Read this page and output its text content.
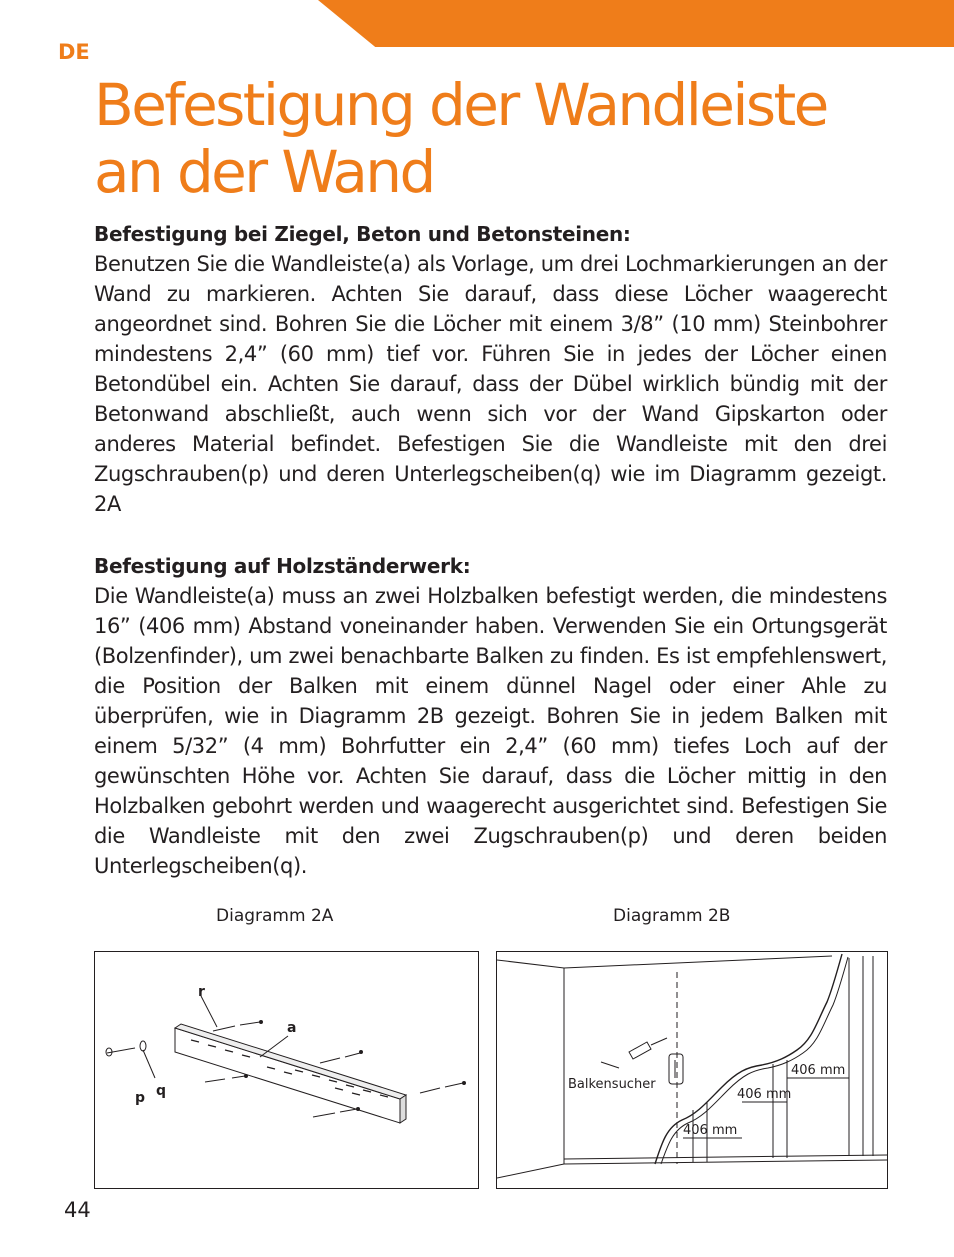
DE
Befestigung der Wandleiste
an der Wand
Befestigung bei Ziegel, Beton und Betonsteinen:

Benutzen Sie die Wandleiste(a) als Vorlage, um drei Lochmarkierungen an der Wand zu markieren. Achten Sie darauf, dass diese Löcher waagerecht angeordnet sind. Bohren Sie die Löcher mit einem 3/8” (10 mm) Steinbohrer mindestens 2,4” (60 mm) tief vor. Führen Sie in jedes der Löcher einen Betondübel ein. Achten Sie darauf, dass der Dübel wirklich bündig mit der Betonwand abschließt, auch wenn sich vor der Wand Gipskarton oder anderes Material befindet. Befestigen Sie die Wandleiste mit den drei Zugschrauben(p) und deren Unterlegscheiben(q) wie im Diagramm gezeigt. 2A

Befestigung auf Holzständerwerk:

Die Wandleiste(a) muss an zwei Holzbalken befestigt werden, die mindestens 16” (406 mm) Abstand voneinander haben. Verwenden Sie ein Ortungsgerät (Bolzenfinder), um zwei benachbarte Balken zu finden. Es ist empfehlenswert, die Position der Balken mit einem dünnel Nagel oder einer Ahle zu überprüfen, wie in Diagramm 2B gezeigt. Bohren Sie in jedem Balken mit einem 5/32” (4 mm) Bohrfutter ein 2,4” (60 mm) tiefes Loch auf der gewünschten Höhe vor. Achten Sie darauf, dass die Löcher mittig in den Holzbalken gebohrt werden und waagerecht ausgerichtet sind. Befestigen Sie die Wandleiste mit den zwei Zugschrauben(p) und deren beiden Unterlegscheiben(q).

Diagramm 2A	Diagramm 2B
r
a
p q	Balkensucher
406 mm
406 mm
406 mm
44
